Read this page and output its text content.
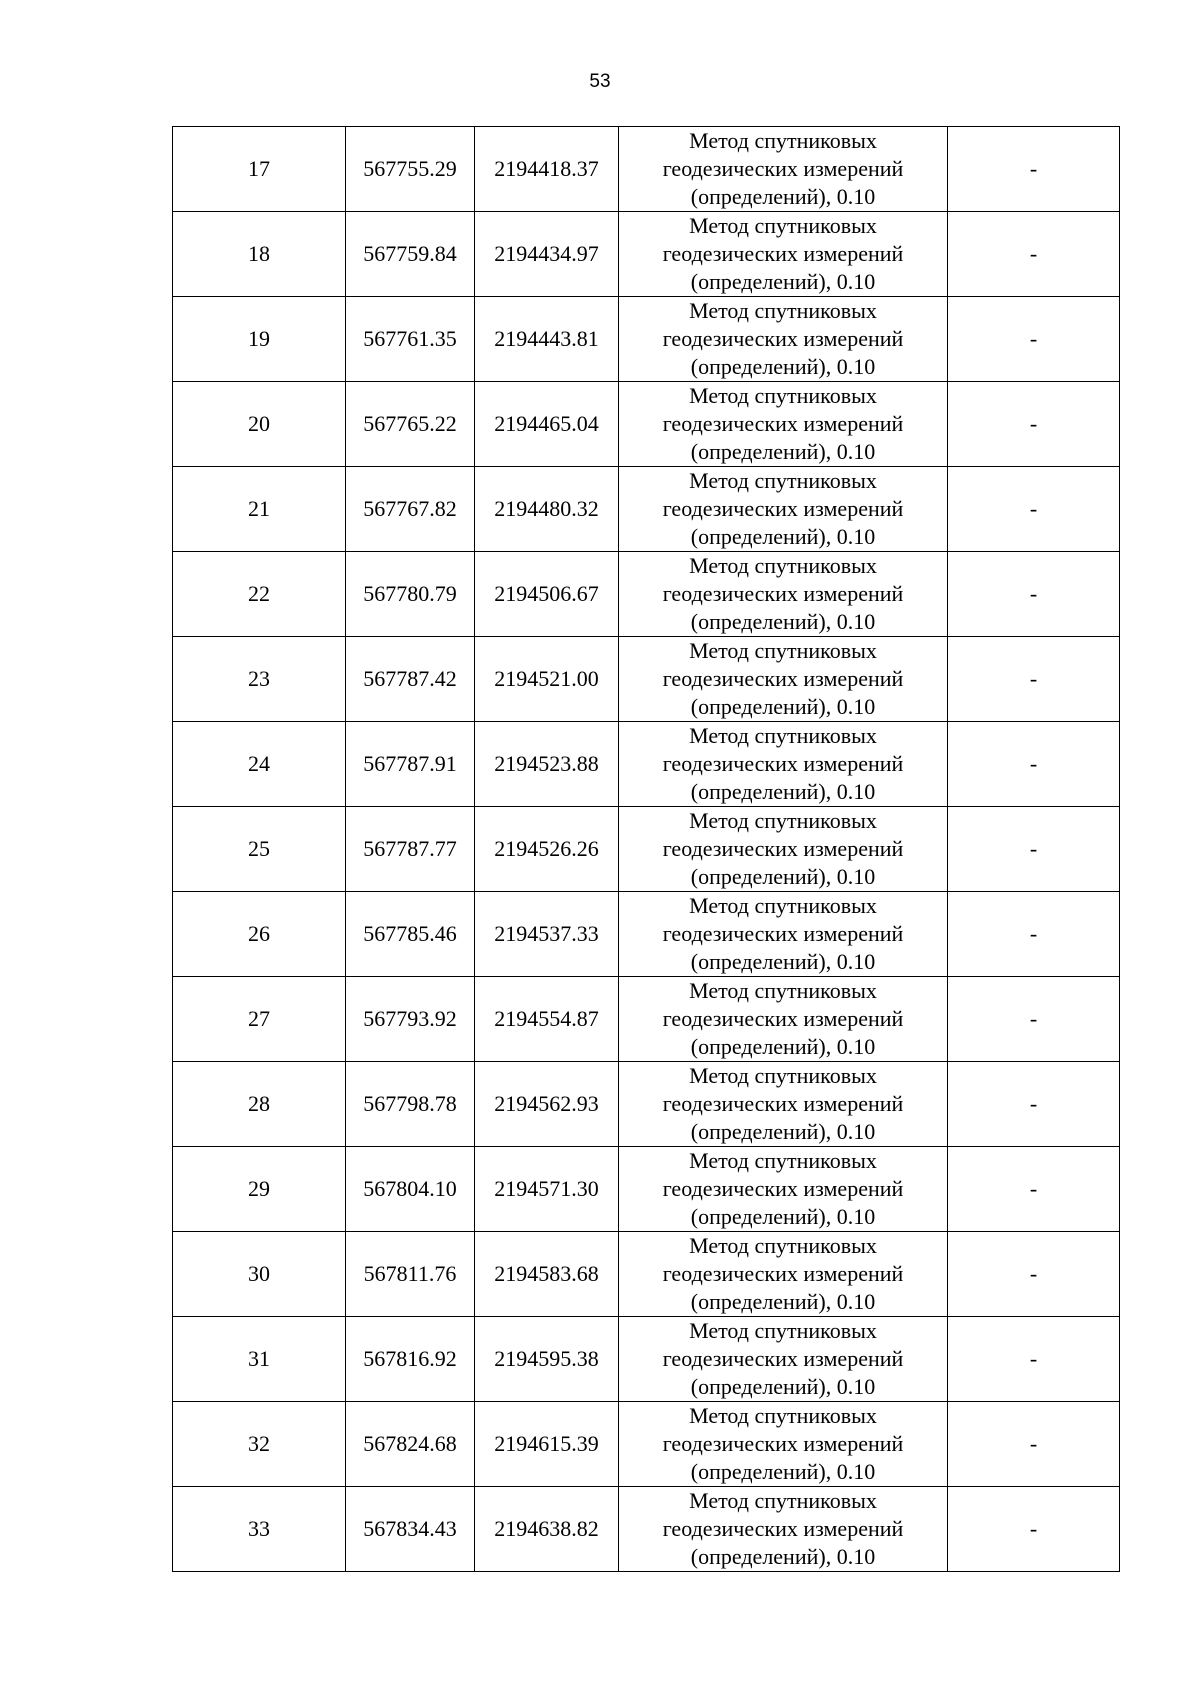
53
17	567755.29	2194418.37	Метод спутниковых
геодезических измерений
(определений), 0.10	-
18	567759.84	2194434.97	Метод спутниковых
геодезических измерений
(определений), 0.10	-
19	567761.35	2194443.81	Метод спутниковых
геодезических измерений
(определений), 0.10	-
20	567765.22	2194465.04	Метод спутниковых
геодезических измерений
(определений), 0.10	-
21	567767.82	2194480.32	Метод спутниковых
геодезических измерений
(определений), 0.10	-
22	567780.79	2194506.67	Метод спутниковых
геодезических измерений
(определений), 0.10	-
23	567787.42	2194521.00	Метод спутниковых
геодезических измерений
(определений), 0.10	-
24	567787.91	2194523.88	Метод спутниковых
геодезических измерений
(определений), 0.10	-
25	567787.77	2194526.26	Метод спутниковых
геодезических измерений
(определений), 0.10	-
26	567785.46	2194537.33	Метод спутниковых
геодезических измерений
(определений), 0.10	-
27	567793.92	2194554.87	Метод спутниковых
геодезических измерений
(определений), 0.10	-
28	567798.78	2194562.93	Метод спутниковых
геодезических измерений
(определений), 0.10	-
29	567804.10	2194571.30	Метод спутниковых
геодезических измерений
(определений), 0.10	-
30	567811.76	2194583.68	Метод спутниковых
геодезических измерений
(определений), 0.10	-
31	567816.92	2194595.38	Метод спутниковых
геодезических измерений
(определений), 0.10	-
32	567824.68	2194615.39	Метод спутниковых
геодезических измерений
(определений), 0.10	-
33	567834.43	2194638.82	Метод спутниковых
геодезических измерений
(определений), 0.10	-
